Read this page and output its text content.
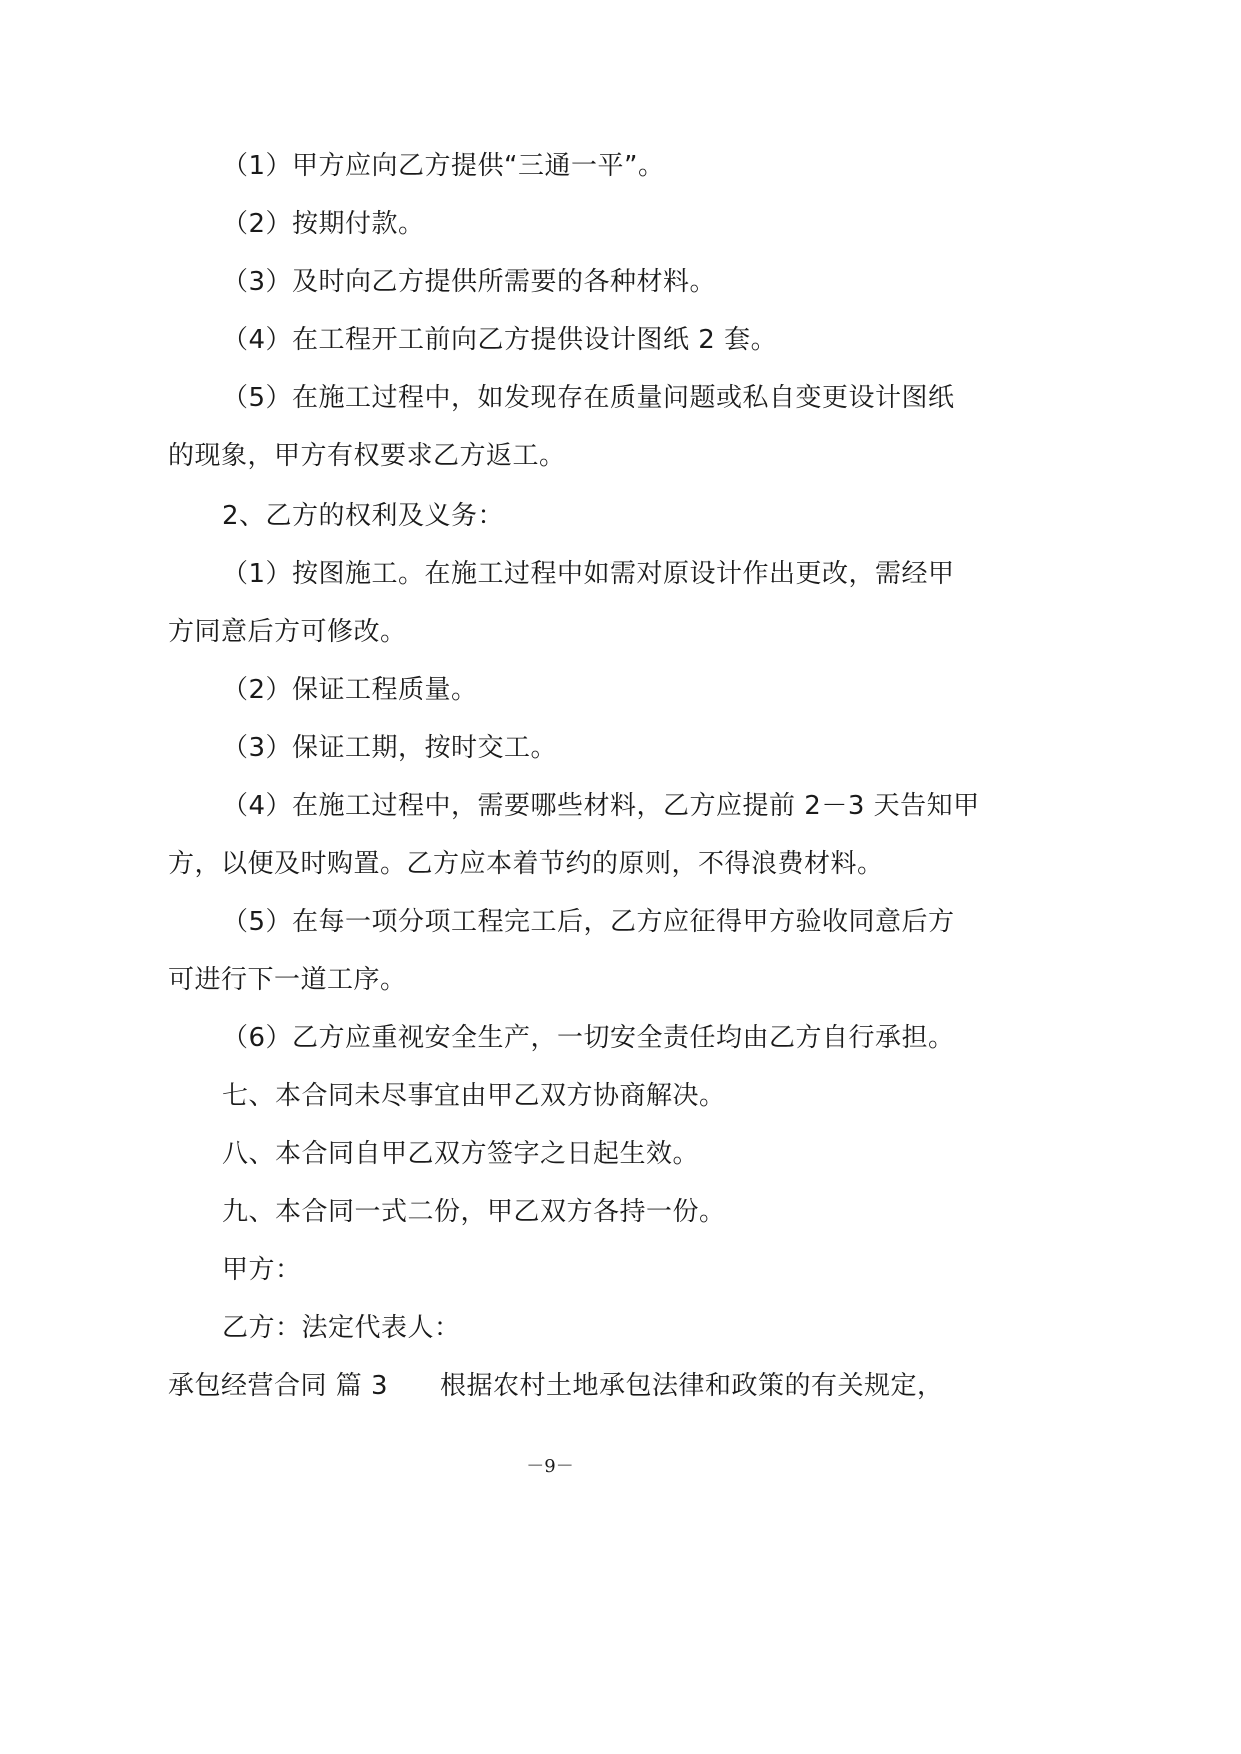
（1）甲方应向乙方提供“三通一平”。
（2）按期付款。
（3）及时向乙方提供所需要的各种材料。
（4）在工程开工前向乙方提供设计图纸 2 套。
（5）在施工过程中，如发现存在质量问题或私自变更设计图纸
的现象，甲方有权要求乙方返工。
2、乙方的权利及义务：
（1）按图施工。在施工过程中如需对原设计作出更改，需经甲
方同意后方可修改。
（2）保证工程质量。
（3）保证工期，按时交工。
（4）在施工过程中，需要哪些材料，乙方应提前 2－3 天告知甲
方，以便及时购置。乙方应本着节约的原则，不得浪费材料。
（5）在每一项分项工程完工后，乙方应征得甲方验收同意后方
可进行下一道工序。
（6）乙方应重视安全生产，一切安全责任均由乙方自行承担。
七、本合同未尽事宜由甲乙双方协商解决。
八、本合同自甲乙双方签字之日起生效。
九、本合同一式二份，甲乙双方各持一份。
甲方：
乙方：法定代表人：
承包经营合同 篇 3 根据农村土地承包法律和政策的有关规定，
－9－
